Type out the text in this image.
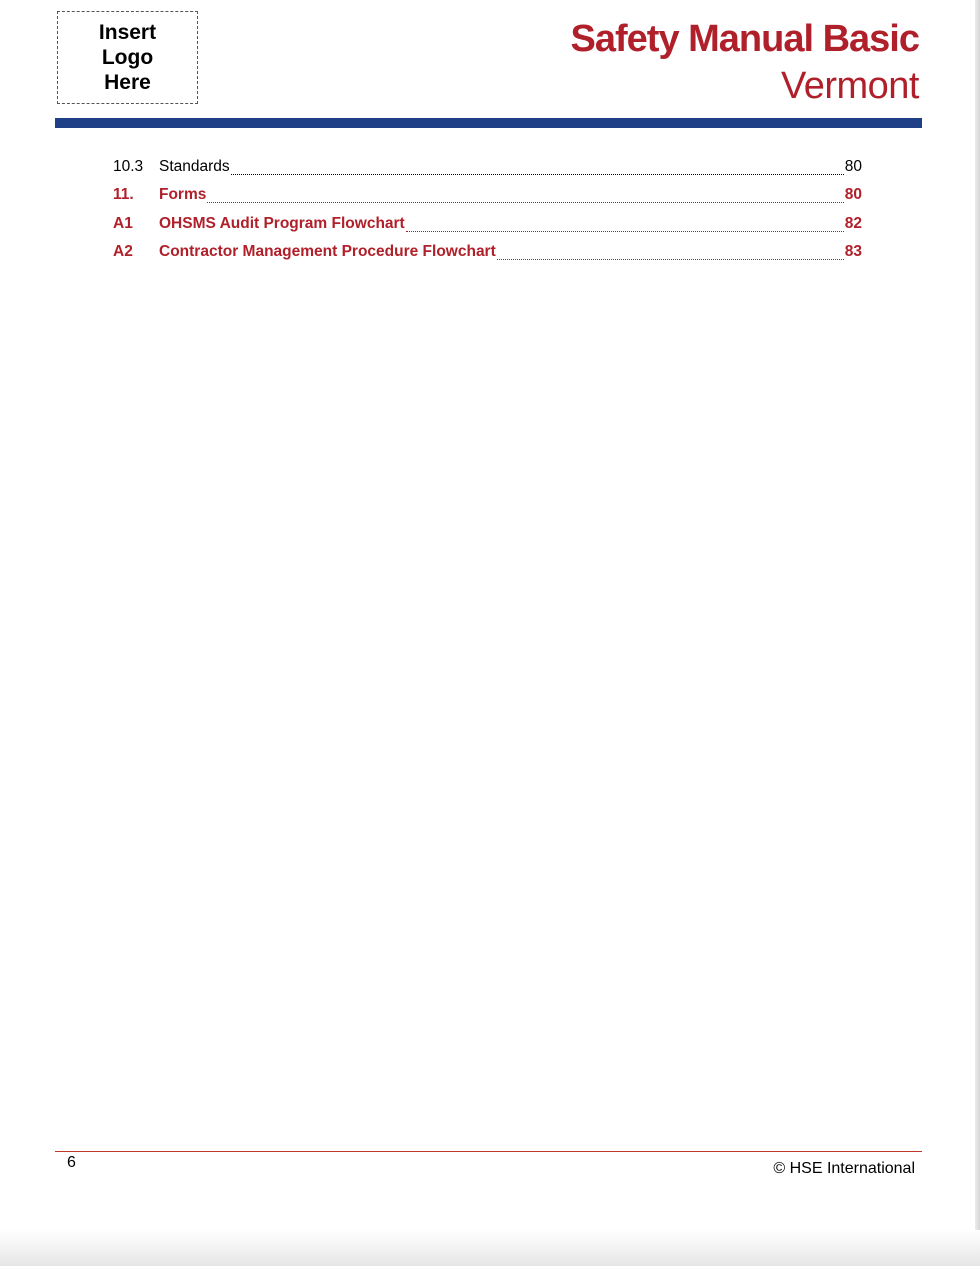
Insert
Logo
Here
Safety Manual Basic
Vermont
10.3	Standards	80
11.	Forms	80
A1	OHSMS Audit Program Flowchart	82
A2	Contractor Management Procedure Flowchart	83
6	© HSE International
